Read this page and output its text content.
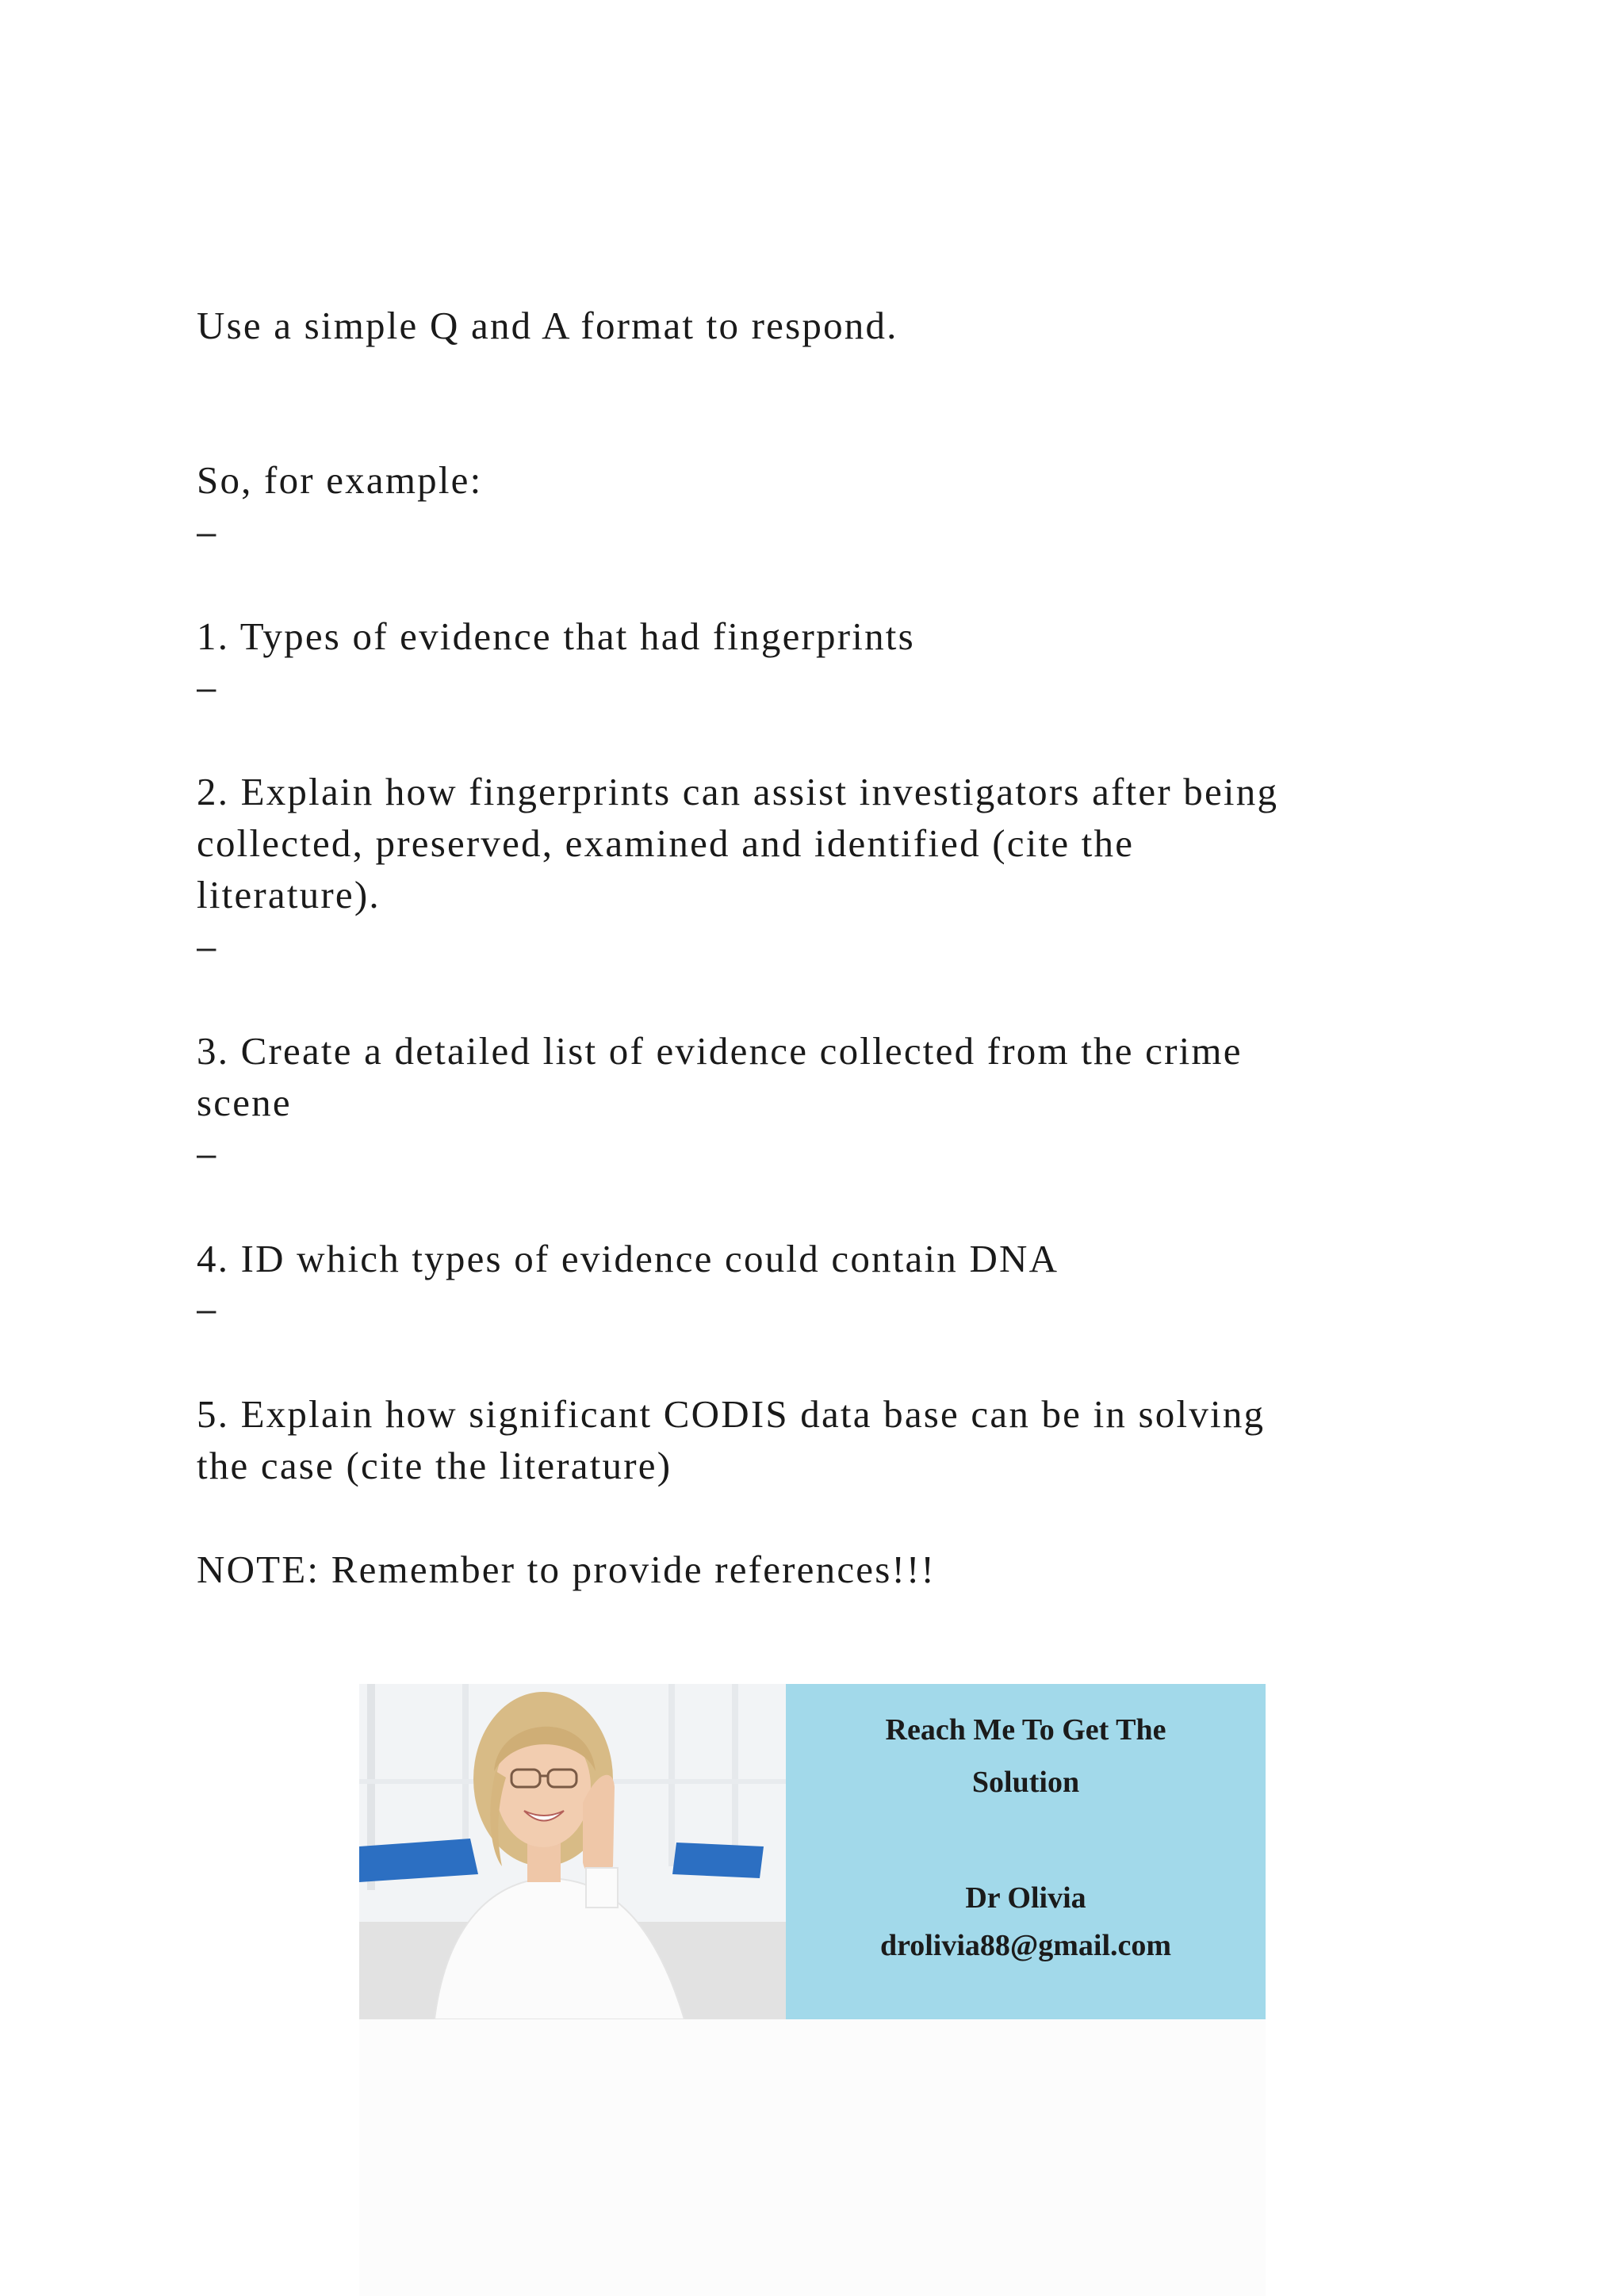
Use a simple Q and A format to respond.

So, for example:

–

1. Types of evidence that had fingerprints

–

2. Explain how fingerprints can assist investigators after being

collected, preserved, examined and identified (cite the

literature).

–

3. Create a detailed list of evidence collected from the crime

scene

–

4. ID which types of evidence could contain DNA

–

5. Explain how significant CODIS data base can be in solving

the case (cite the literature)

NOTE: Remember to provide references!!!

Reach Me To Get The
Solution
Dr Olivia
drolivia88@gmail.com
